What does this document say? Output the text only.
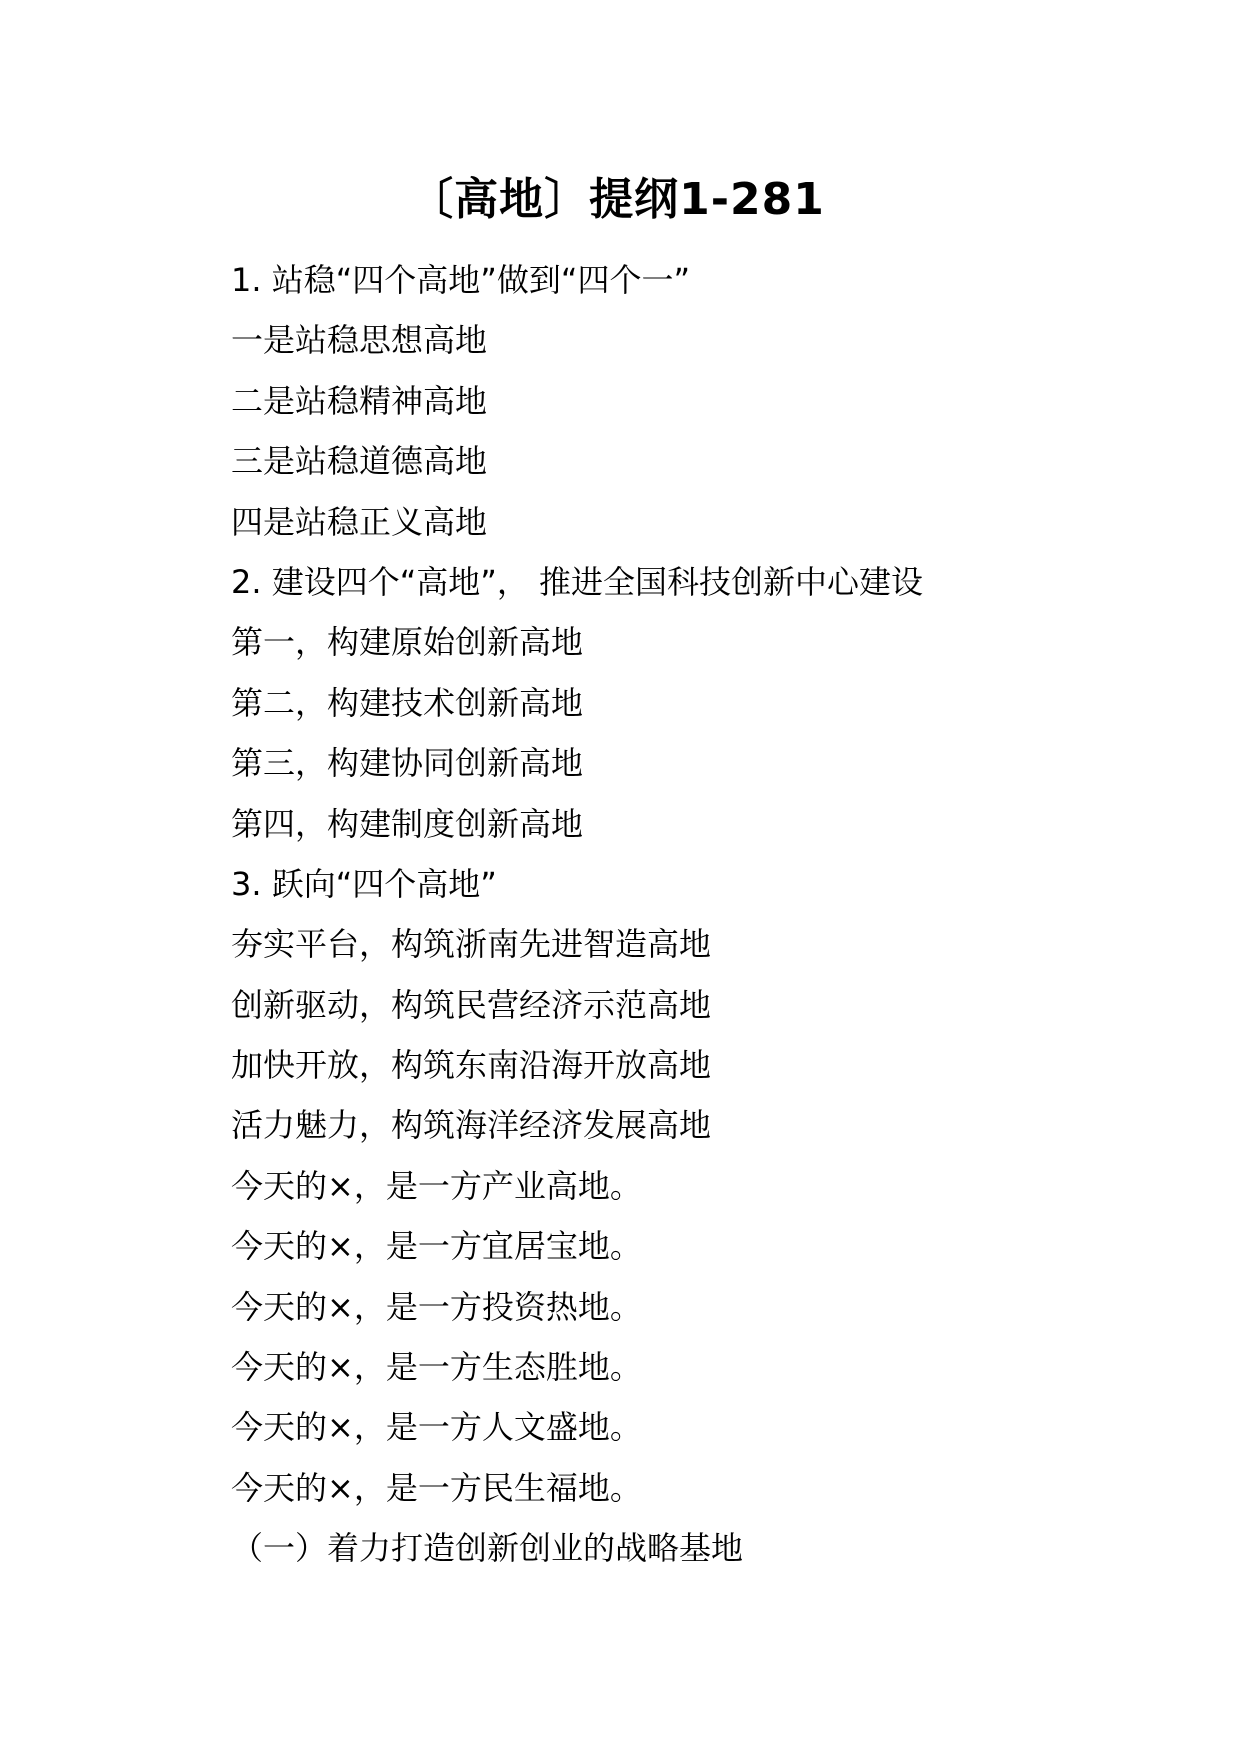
〔高地〕提纲1-281
1. 站稳“四个高地”做到“四个一”
一是站稳思想高地
二是站稳精神高地
三是站稳道德高地
四是站稳正义高地
2. 建设四个“高地”， 推进全国科技创新中心建设
第一，构建原始创新高地
第二，构建技术创新高地
第三，构建协同创新高地
第四，构建制度创新高地
3. 跃向“四个高地”
夯实平台，构筑浙南先进智造高地
创新驱动，构筑民营经济示范高地
加快开放，构筑东南沿海开放高地
活力魅力，构筑海洋经济发展高地
今天的×，是一方产业高地。
今天的×，是一方宜居宝地。
今天的×，是一方投资热地。
今天的×，是一方生态胜地。
今天的×，是一方人文盛地。
今天的×，是一方民生福地。
（一）着力打造创新创业的战略基地
